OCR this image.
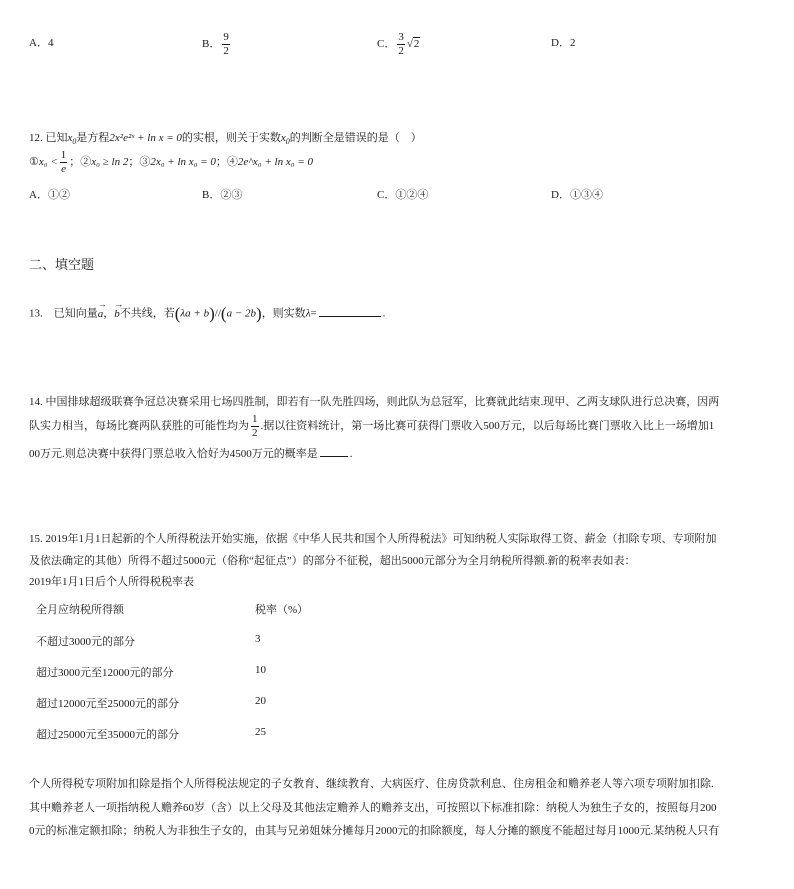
A．4	B． $\frac{9}{2}$	C． $\frac{3}{2} √2$	D．2
12. 已知$x_0$是方程2x²e²ˣ + ln x = 0的实根，则关于实数$x_0$的判断全是错误的是（　）
①x₀ < $\frac{1}{e}$ ；②x₀ ≥ ln 2；③2x₀ + ln x₀ = 0；④2e^x₀ + ln x₀ = 0
A．①②	B．②③	C．①②④	D．①③④
二、填空题
13.　已知向量
→
a，
→
b不共线，若(λa + b)//(a − 2b)，则实数λ=	.
14. 中国排球超级联赛争冠总决赛采用七场四胜制，即若有一队先胜四场，则此队为总冠军，比赛就此结束.现甲、乙两支球队进行总决赛，因两
队实力相当，每场比赛两队获胜的可能性均为 $\frac{1}{2}$ .据以往资料统计，第一场比赛可获得门票收入500万元，以后每场比赛门票收入比上一场增加1
00万元.则总决赛中获得门票总收入恰好为4500万元的概率是	.
15. 2019年1月1日起新的个人所得税法开始实施，依据《中华人民共和国个人所得税法》可知纳税人实际取得工资、薪金（扣除专项、专项附加
及依法确定的其他）所得不超过5000元（俗称“起征点”）的部分不征税，超出5000元部分为全月纳税所得额.新的税率表如表：
2019年1月1日后个人所得税税率表
全月应纳税所得额	税率（%）
不超过3000元的部分	3
超过3000元至12000元的部分	10
超过12000元至25000元的部分	20
超过25000元至35000元的部分	25
个人所得税专项附加扣除是指个人所得税法规定的子女教育、继续教育、大病医疗、住房贷款利息、住房租金和赡养老人等六项专项附加扣除.
其中赡养老人一项指纳税人赡养60岁（含）以上父母及其他法定赡养人的赡养支出，可按照以下标准扣除：纳税人为独生子女的，按照每月200
0元的标准定额扣除；纳税人为非独生子女的，由其与兄弟姐妹分摊每月2000元的扣除额度，每人分摊的额度不能超过每月1000元.某纳税人只有
